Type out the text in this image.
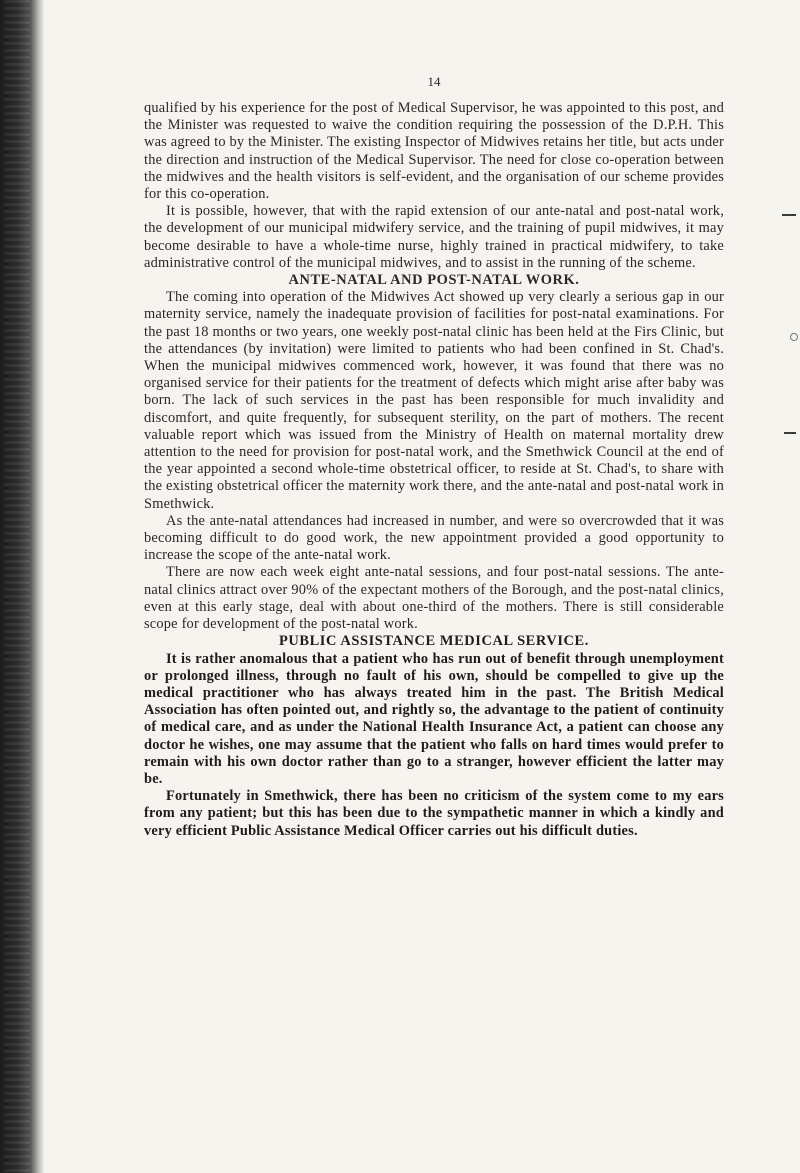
14

qualified by his experience for the post of Medical Supervisor, he was appointed to this post, and the Minister was requested to waive the condition requiring the possession of the D.P.H. This was agreed to by the Minister. The existing Inspector of Midwives retains her title, but acts under the direction and instruction of the Medical Supervisor. The need for close co-operation between the midwives and the health visitors is self-evident, and the organisation of our scheme provides for this co-operation.

It is possible, however, that with the rapid extension of our ante-natal and post-natal work, the development of our municipal midwifery service, and the training of pupil midwives, it may become desirable to have a whole-time nurse, highly trained in practical midwifery, to take administrative control of the municipal midwives, and to assist in the running of the scheme.

ANTE-NATAL AND POST-NATAL WORK.

The coming into operation of the Midwives Act showed up very clearly a serious gap in our maternity service, namely the inadequate provision of facilities for post-natal examinations. For the past 18 months or two years, one weekly post-natal clinic has been held at the Firs Clinic, but the attendances (by invitation) were limited to patients who had been confined in St. Chad's. When the municipal midwives commenced work, however, it was found that there was no organised service for their patients for the treatment of defects which might arise after baby was born. The lack of such services in the past has been responsible for much invalidity and discomfort, and quite frequently, for subsequent sterility, on the part of mothers. The recent valuable report which was issued from the Ministry of Health on maternal mortality drew attention to the need for provision for post-natal work, and the Smethwick Council at the end of the year appointed a second whole-time obstetrical officer, to reside at St. Chad's, to share with the existing obstetrical officer the maternity work there, and the ante-natal and post-natal work in Smethwick.

As the ante-natal attendances had increased in number, and were so overcrowded that it was becoming difficult to do good work, the new appointment provided a good opportunity to increase the scope of the ante-natal work.

There are now each week eight ante-natal sessions, and four post-natal sessions. The ante-natal clinics attract over 90% of the expectant mothers of the Borough, and the post-natal clinics, even at this early stage, deal with about one-third of the mothers. There is still considerable scope for development of the post-natal work.

PUBLIC ASSISTANCE MEDICAL SERVICE.

It is rather anomalous that a patient who has run out of benefit through unemployment or prolonged illness, through no fault of his own, should be compelled to give up the medical practitioner who has always treated him in the past. The British Medical Association has often pointed out, and rightly so, the advantage to the patient of continuity of medical care, and as under the National Health Insurance Act, a patient can choose any doctor he wishes, one may assume that the patient who falls on hard times would prefer to remain with his own doctor rather than go to a stranger, however efficient the latter may be.

Fortunately in Smethwick, there has been no criticism of the system come to my ears from any patient; but this has been due to the sympathetic manner in which a kindly and very efficient Public Assistance Medical Officer carries out his difficult duties.
